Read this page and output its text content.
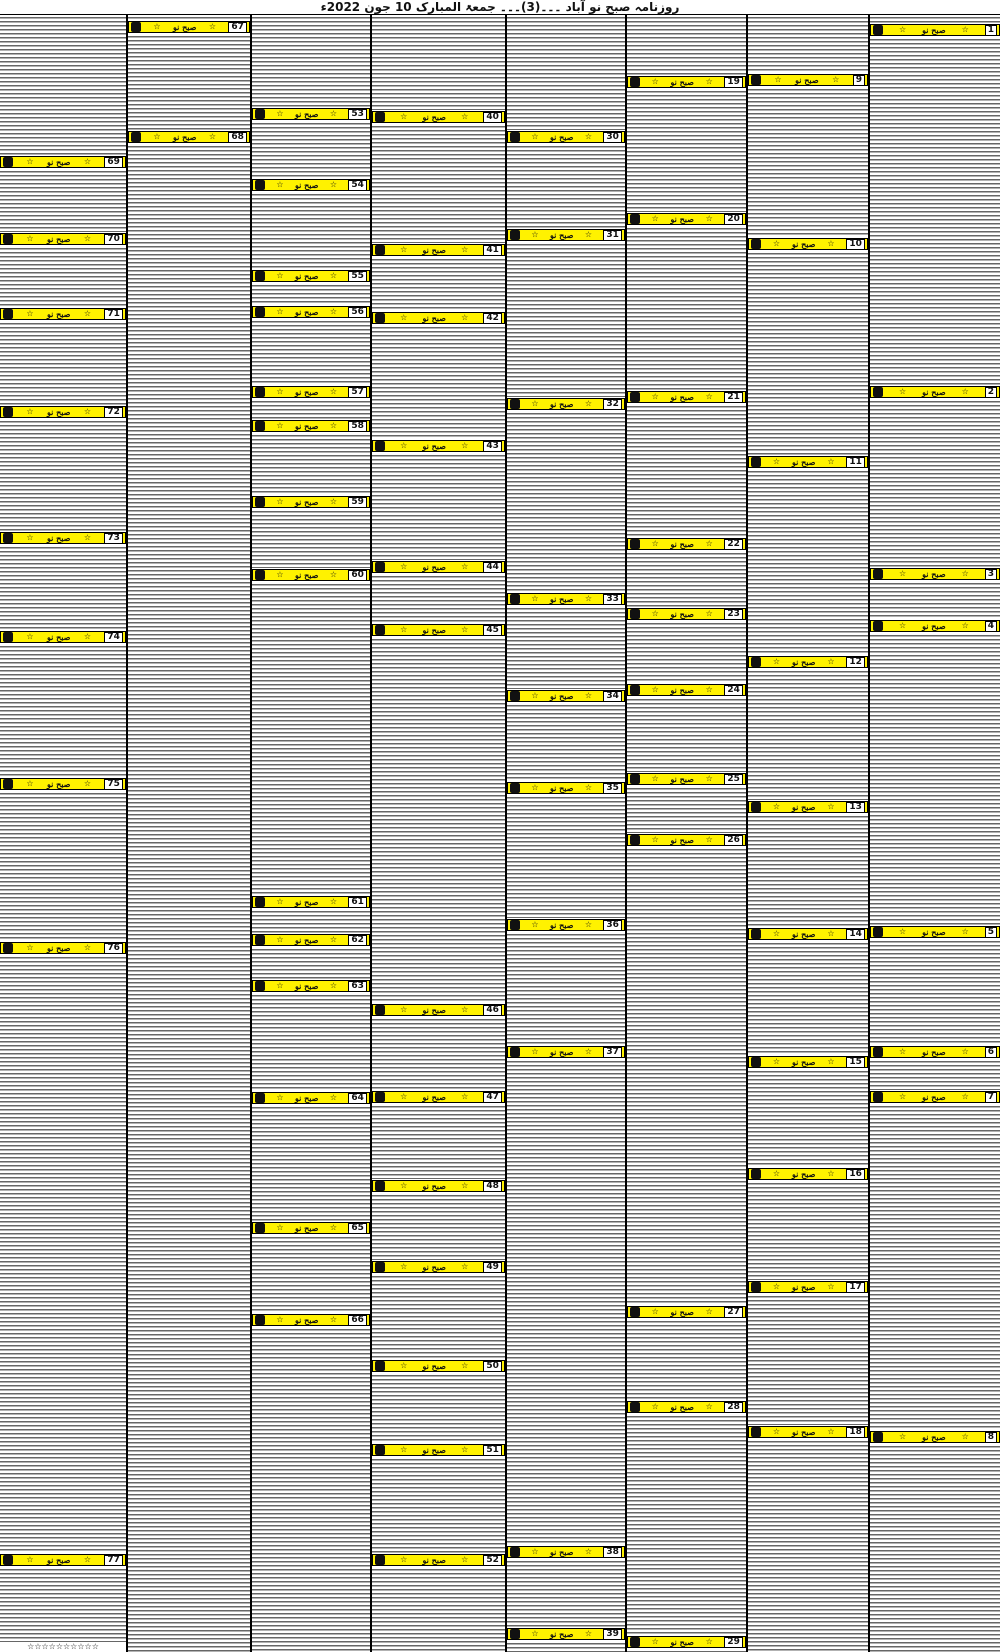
روزنامہ صبح نو آباد ۔۔۔(3)۔۔۔ جمعۃ المبارک 10 جون 2022ء
☆ صبح نو ☆	1
☆ صبح نو ☆	2
☆ صبح نو ☆	3
☆ صبح نو ☆	4
☆ صبح نو ☆	5
☆ صبح نو ☆	6
☆ صبح نو ☆	7
☆ صبح نو ☆	8
☆ صبح نو ☆	9
☆ صبح نو ☆	10
☆ صبح نو ☆	11
☆ صبح نو ☆	12
☆ صبح نو ☆	13
☆ صبح نو ☆	14
☆ صبح نو ☆	15
☆ صبح نو ☆	16
☆ صبح نو ☆	17
☆ صبح نو ☆	18
☆ صبح نو ☆	19
☆ صبح نو ☆	20
☆ صبح نو ☆	21
☆ صبح نو ☆	22
☆ صبح نو ☆	23
☆ صبح نو ☆	24
☆ صبح نو ☆	25
☆ صبح نو ☆	26
☆ صبح نو ☆	27
☆ صبح نو ☆	28
☆ صبح نو ☆	29
☆ صبح نو ☆	30
☆ صبح نو ☆	31
☆ صبح نو ☆	32
☆ صبح نو ☆	33
☆ صبح نو ☆	34
☆ صبح نو ☆	35
☆ صبح نو ☆	36
☆ صبح نو ☆	37
☆ صبح نو ☆	38
☆ صبح نو ☆	39
☆ صبح نو ☆	40
☆ صبح نو ☆	41
☆ صبح نو ☆	42
☆ صبح نو ☆	43
☆ صبح نو ☆	44
☆ صبح نو ☆	45
☆ صبح نو ☆	46
☆ صبح نو ☆	47
☆ صبح نو ☆	48
☆ صبح نو ☆	49
☆ صبح نو ☆	50
☆ صبح نو ☆	51
☆ صبح نو ☆	52
☆ صبح نو ☆	53
☆ صبح نو ☆	54
☆ صبح نو ☆	55
☆ صبح نو ☆	56
☆ صبح نو ☆	57
☆ صبح نو ☆	58
☆ صبح نو ☆	59
☆ صبح نو ☆	60
☆ صبح نو ☆	61
☆ صبح نو ☆	62
☆ صبح نو ☆	63
☆ صبح نو ☆	64
☆ صبح نو ☆	65
☆ صبح نو ☆	66
☆ صبح نو ☆	67
☆ صبح نو ☆	68
☆ صبح نو ☆	69
☆ صبح نو ☆	70
☆ صبح نو ☆	71
☆ صبح نو ☆	72
☆ صبح نو ☆	73
☆ صبح نو ☆	74
☆ صبح نو ☆	75
☆ صبح نو ☆	76
☆ صبح نو ☆	77
☆☆☆☆☆☆☆☆☆☆
